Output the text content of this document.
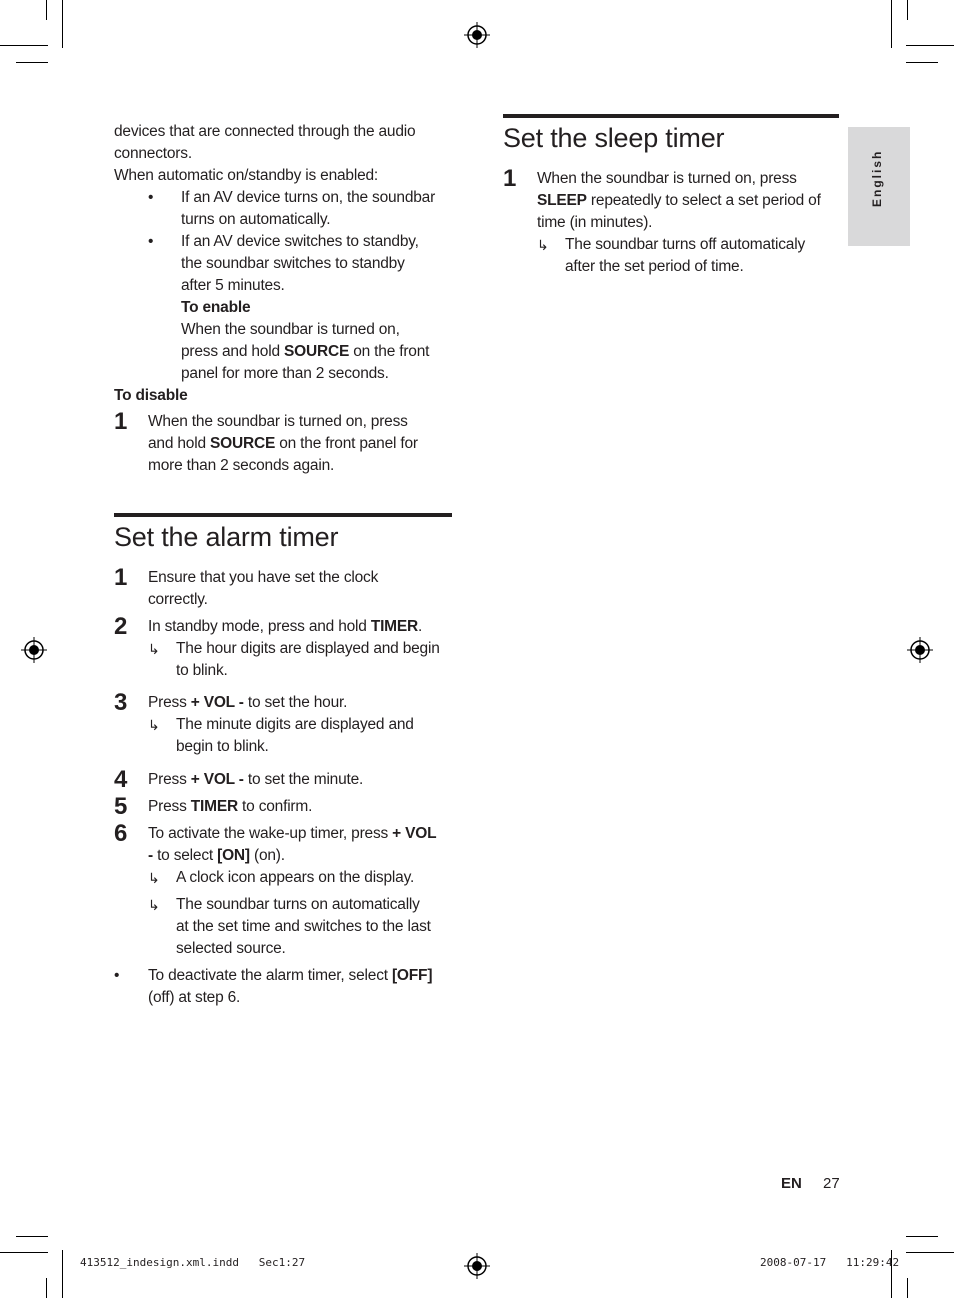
English

devices that are connected through the audio

connectors.

When automatic on/standby is enabled:

• If an AV device turns on, the soundbar
turns on automatically.
• If an AV device switches to standby,
the soundbar switches to standby
after 5 minutes.
To enable
When the soundbar is turned on,
press and hold SOURCE on the front
panel for more than 2 seconds.

To disable

1 When the soundbar is turned on, press
and hold SOURCE on the front panel for
more than 2 seconds again.
Set the alarm timer
1 Ensure that you have set the clock
correctly.
2 In standby mode, press and hold TIMER.
↳ The hour digits are displayed and begin
to blink.
3 Press + VOL - to set the hour.
↳ The minute digits are displayed and
begin to blink.
4 Press + VOL - to set the minute.
5 Press TIMER to confirm.
6 To activate the wake-up timer, press + VOL
- to select [ON] (on).
↳ A clock icon appears on the display.
↳ The soundbar turns on automatically
at the set time and switches to the last
selected source.
• To deactivate the alarm timer, select [OFF]
(off) at step 6.
Set the sleep timer
1 When the soundbar is turned on, press
SLEEP repeatedly to select a set period of
time (in minutes).
↳ The soundbar turns off automaticaly
after the set period of time.
EN 27
413512_indesign.xml.indd   Sec1:27	2008-07-17   11:29:42
